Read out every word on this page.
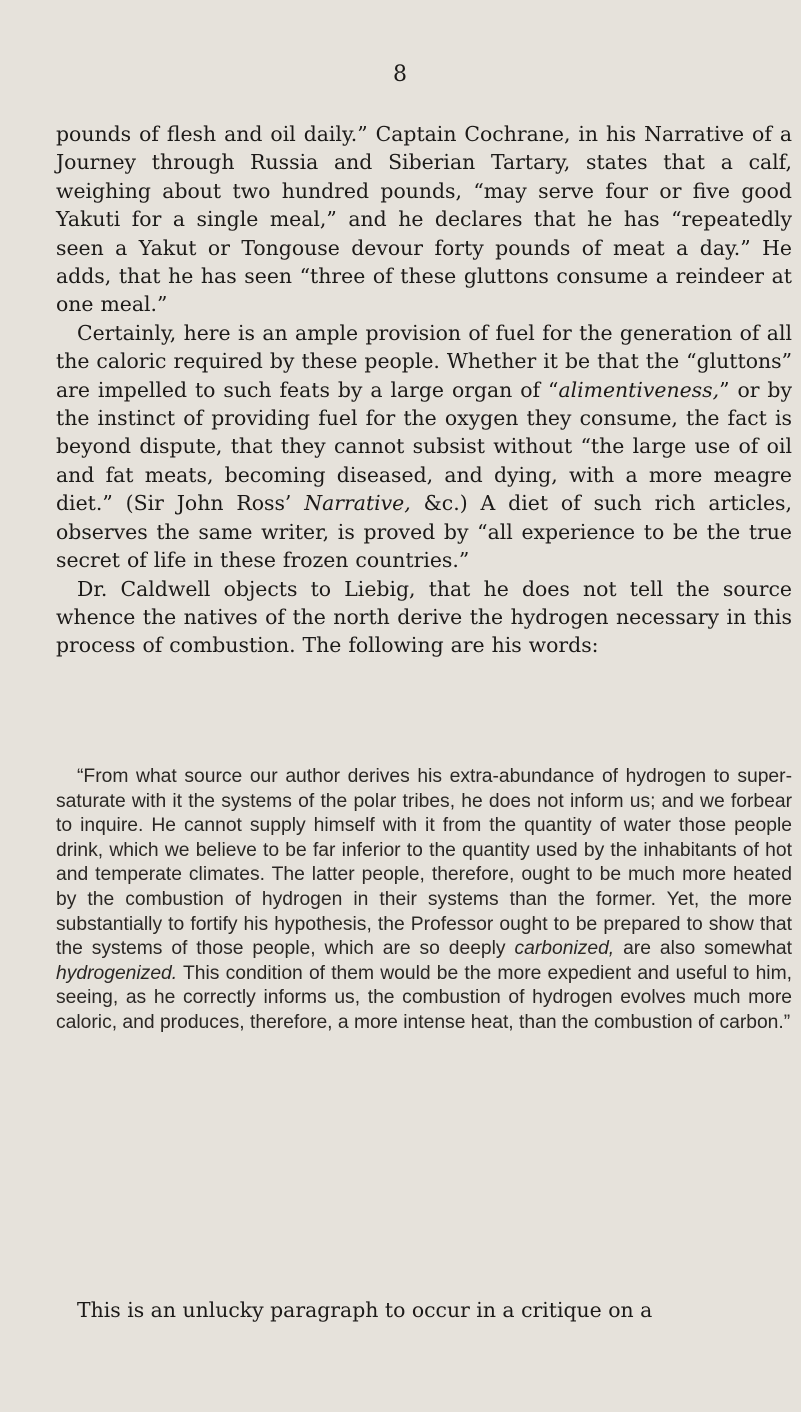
8

pounds of flesh and oil daily.” Captain Cochrane, in his Narrative of a Journey through Russia and Siberian Tartary, states that a calf, weighing about two hundred pounds, “may serve four or five good Yakuti for a single meal,” and he declares that he has “repeatedly seen a Yakut or Tongouse devour forty pounds of meat a day.” He adds, that he has seen “three of these gluttons consume a reindeer at one meal.”

Certainly, here is an ample provision of fuel for the generation of all the caloric required by these people. Whether it be that the “gluttons” are impelled to such feats by a large organ of “alimentiveness,” or by the instinct of providing fuel for the oxygen they consume, the fact is beyond dispute, that they cannot subsist without “the large use of oil and fat meats, becoming diseased, and dying, with a more meagre diet.” (Sir John Ross’ Narrative, &c.) A diet of such rich articles, observes the same writer, is proved by “all experience to be the true secret of life in these frozen countries.”

Dr. Caldwell objects to Liebig, that he does not tell the source whence the natives of the north derive the hydrogen necessary in this process of combustion. The following are his words:

“From what source our author derives his extra-abundance of hydrogen to super-saturate with it the systems of the polar tribes, he does not inform us; and we forbear to inquire. He cannot supply himself with it from the quantity of water those people drink, which we believe to be far inferior to the quantity used by the inhabitants of hot and temperate climates. The latter people, therefore, ought to be much more heated by the combustion of hydrogen in their systems than the former. Yet, the more substantially to fortify his hypothesis, the Professor ought to be prepared to show that the systems of those people, which are so deeply carbonized, are also somewhat hydrogenized. This condition of them would be the more expedient and useful to him, seeing, as he correctly informs us, the combustion of hydrogen evolves much more caloric, and produces, therefore, a more intense heat, than the combustion of carbon.”

This is an unlucky paragraph to occur in a critique on a
